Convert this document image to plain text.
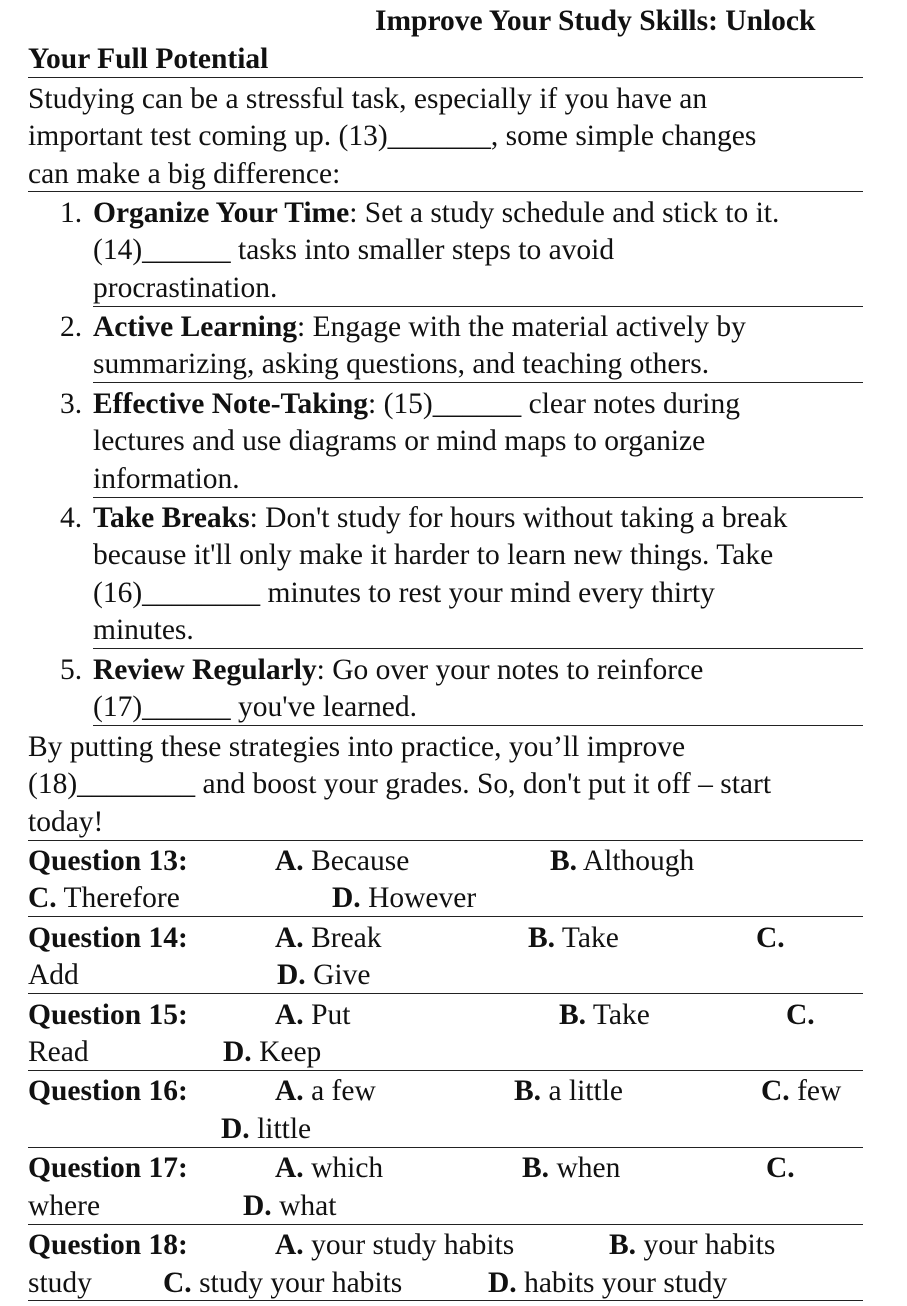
Improve Your Study Skills: Unlock
Your Full Potential
Studying can be a stressful task, especially if you have an
important test coming up. (13)_______, some simple changes
can make a big difference:
1. Organize Your Time: Set a study schedule and stick to it.
(14)______ tasks into smaller steps to avoid
procrastination.
2. Active Learning: Engage with the material actively by
summarizing, asking questions, and teaching others.
3. Effective Note-Taking: (15)______ clear notes during
lectures and use diagrams or mind maps to organize
information.
4. Take Breaks: Don't study for hours without taking a break
because it'll only make it harder to learn new things. Take
(16)________ minutes to rest your mind every thirty
minutes.
5. Review Regularly: Go over your notes to reinforce
(17)______ you've learned.
By putting these strategies into practice, you’ll improve
(18)________ and boost your grades. So, don't put it off – start
today!
Question 13:	A. Because	B. Although
C. Therefore	D. However
Question 14:	A. Break	B. Take	C.
Add	D. Give
Question 15:	A. Put	B. Take	C.
Read	D. Keep
Question 16:	A. a few	B. a little	C. few
D. little
Question 17:	A. which	B. when	C.
where	D. what
Question 18:	A. your study habits	B. your habits
study C. study your habits	D. habits your study
